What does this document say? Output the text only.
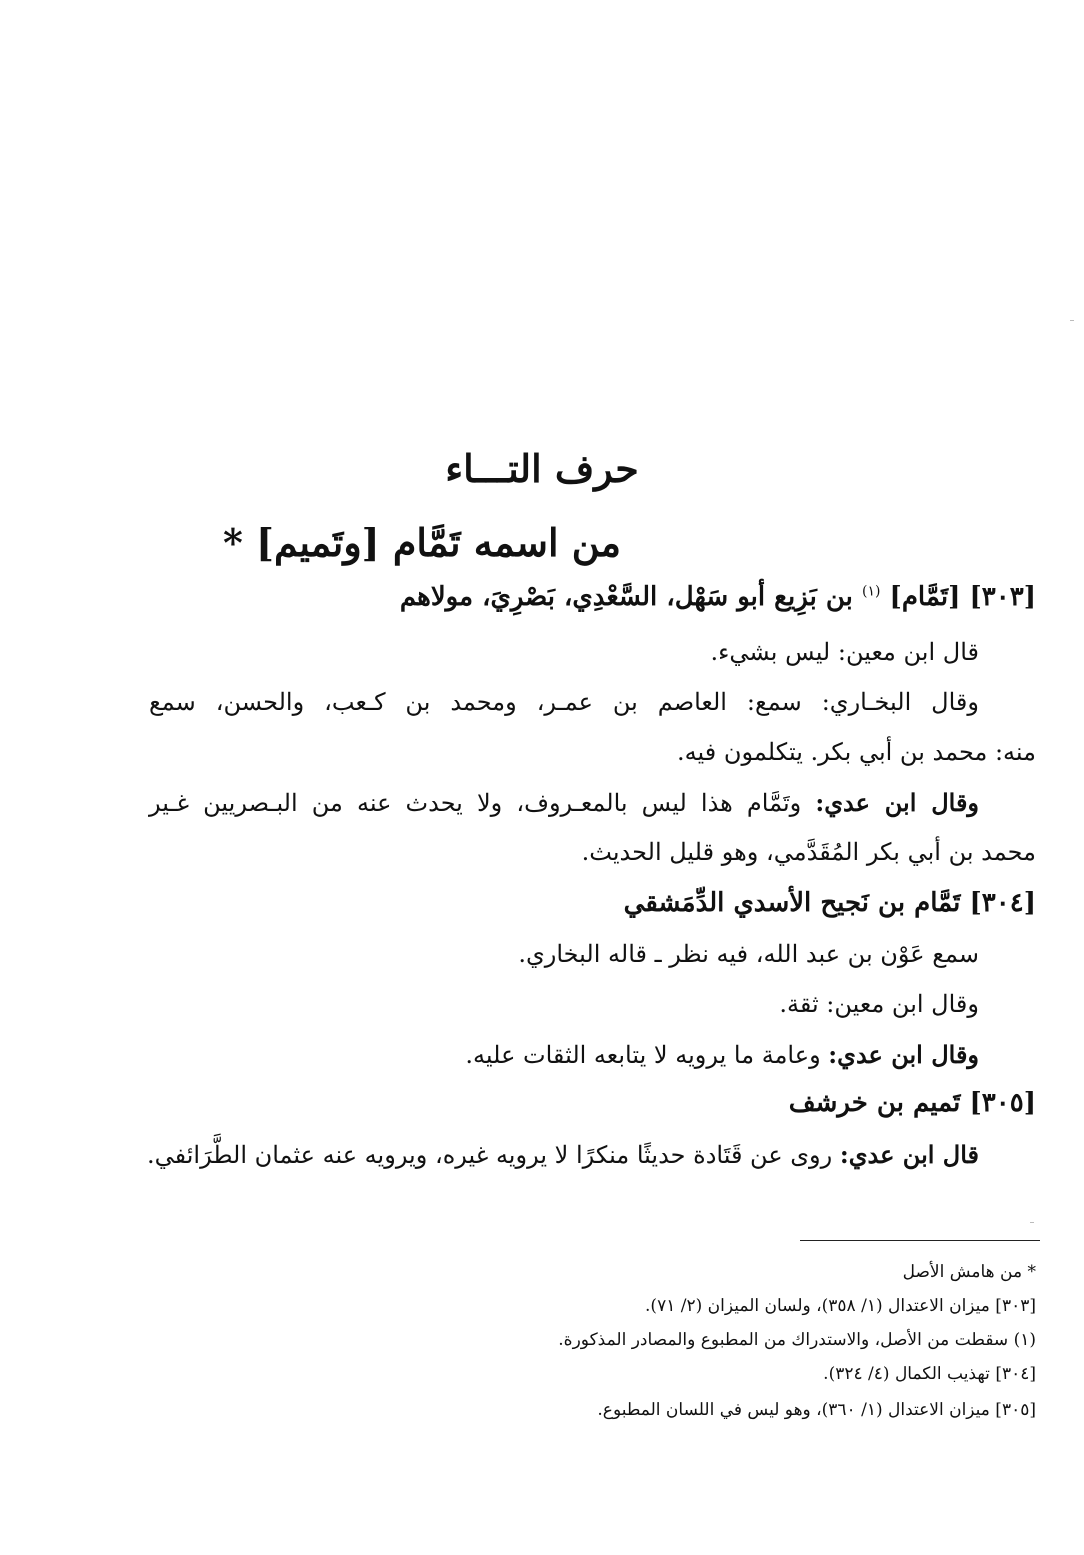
حرف التـــاء
من اسمه تَمَّام [وتَميم] *
[٣٠٣] [تَمَّام] $^{(١)}$ بن بَزِيع أبو سَهْل، السَّعْدِي، بَصْرِيَ، مولاهم
قال ابن معين: ليس بشيء.
وقال البخـاري: سمع: العاصم بن عمـر، ومحمد بن كـعب، والحسن، سمع
منه: محمد بن أبي بكر. يتكلمون فيه.
وقال ابن عدي: وتَمَّام هذا ليس بالمعـروف، ولا يحدث عنه من البـصريين غـير
محمد بن أبي بكر المُقَدَّمي، وهو قليل الحديث.
[٣٠٤] تَمَّام بن نَجيح الأسدي الدِّمَشقي
سمع عَوْن بن عبد الله، فيه نظر ـ قاله البخاري.
وقال ابن معين: ثقة.
وقال ابن عدي: وعامة ما يرويه لا يتابعه الثقات عليه.
[٣٠٥] تَميم بن خرشف
قال ابن عدي: روى عن قَتَادة حديثًا منكرًا لا يرويه غيره، ويرويه عنه عثمان الطَّرَائفي.
* من هامش الأصل
[٣٠٣] ميزان الاعتدال (١/ ٣٥٨)، ولسان الميزان (٢/ ٧١).
(١) سقطت من الأصل، والاستدراك من المطبوع والمصادر المذكورة.
[٣٠٤] تهذيب الكمال (٤/ ٣٢٤).
[٣٠٥] ميزان الاعتدال (١/ ٣٦٠)، وهو ليس في اللسان المطبوع.
